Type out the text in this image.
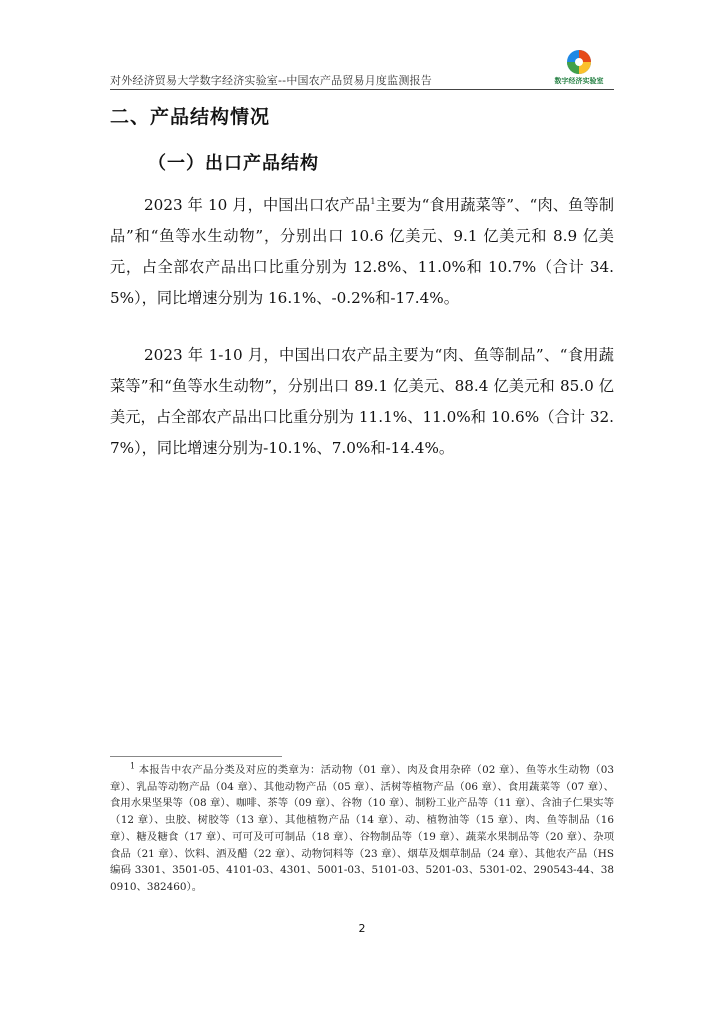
对外经济贸易大学数字经济实验室--中国农产品贸易月度监测报告	数字经济实验室
二、产品结构情况
（一）出口产品结构

2023 年 10 月，中国出口农产品$^1$主要为“食用蔬菜等”、“肉、鱼等制品”和“鱼等水生动物”，分别出口 10.6 亿美元、9.1 亿美元和 8.9 亿美元，占全部农产品出口比重分别为 12.8%、11.0%和 10.7%（合计 34.5%），同比增速分别为 16.1%、-0.2%和-17.4%。

2023 年 1-10 月，中国出口农产品主要为“肉、鱼等制品”、“食用蔬菜等”和“鱼等水生动物”，分别出口 89.1 亿美元、88.4 亿美元和 85.0 亿美元，占全部农产品出口比重分别为 11.1%、11.0%和 10.6%（合计 32.7%），同比增速分别为-10.1%、7.0%和-14.4%。

$^1$ 本报告中农产品分类及对应的类章为：活动物（01 章）、肉及食用杂碎（02 章）、鱼等水生动物（03 章）、乳品等动物产品（04 章）、其他动物产品（05 章）、活树等植物产品（06 章）、食用蔬菜等（07 章）、食用水果坚果等（08 章）、咖啡、茶等（09 章）、谷物（10 章）、制粉工业产品等（11 章）、含油子仁果实等（12 章）、虫胶、树胶等（13 章）、其他植物产品（14 章）、动、植物油等（15 章）、肉、鱼等制品（16 章）、糖及糖食（17 章）、可可及可可制品（18 章）、谷物制品等（19 章）、蔬菜水果制品等（20 章）、杂项食品（21 章）、饮料、酒及醋（22 章）、动物饲料等（23 章）、烟草及烟草制品（24 章）、其他农产品（HS 编码 3301、3501-05、4101-03、4301、5001-03、5101-03、5201-03、5301-02、290543-44、380910、382460）。

2
